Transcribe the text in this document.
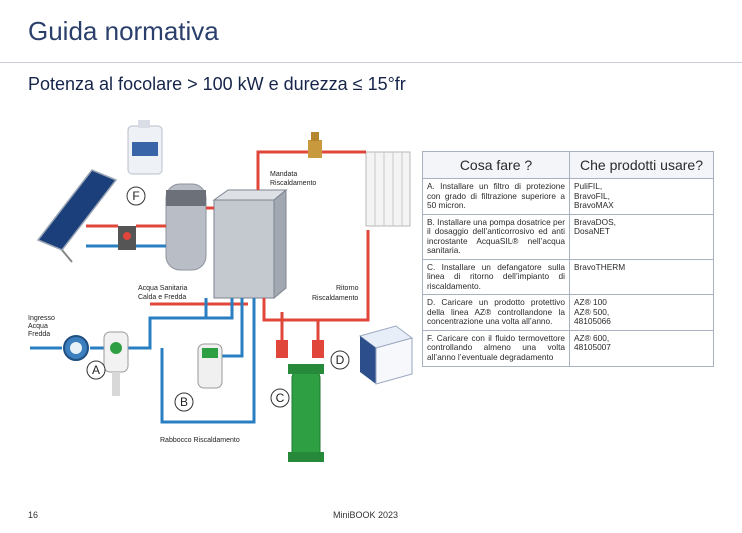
Guida normativa
Potenza al focolare > 100 kW e durezza ≤ 15°fr
Mandata
Riscaldamento
Ritorno
Riscaldamento
Acqua Sanitaria
Calda e Fredda
Ingresso
Acqua
Fredda
Rabbocco Riscaldamento
F
A
B	C
D
Cosa fare ?	Che prodotti usare?
A. Installare un filtro di protezione con grado di filtrazione superiore a 50 micron.	PuliFIL,
BravoFIL,
BravoMAX

B. Installare una pompa dosatrice per il dosaggio dell’anticorrosivo ed anti incrostante AcquaSIL® nell’acqua sanitaria.	BravaDOS,
DosaNET

C. Installare un defangatore sulla linea di ritorno dell’impianto di riscaldamento.	BravoTHERM

D. Caricare un prodotto protettivo della linea AZ® controllandone la concentrazione una volta all’anno.	AZ® 100
AZ® 500,
48105066

F. Caricare con il fluido termovettore controllando almeno una volta all’anno l’eventuale degradamento	AZ® 600,
48105007
16	MiniBOOK 2023
